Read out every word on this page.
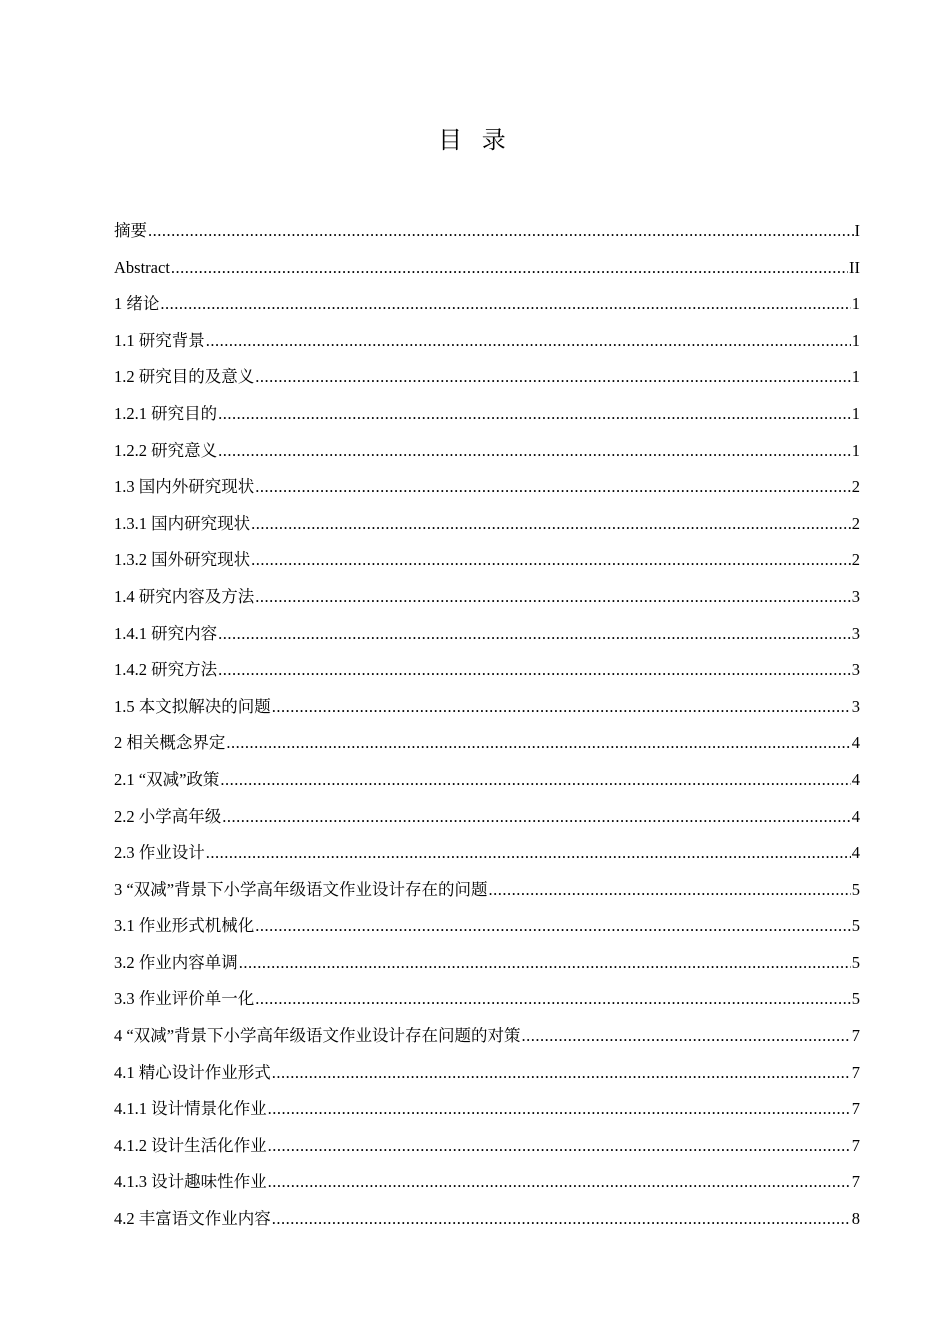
目 录
摘要 .....	I
Abstract .....	II
1 绪论 .....	1
1.1 研究背景 .....	1
1.2 研究目的及意义 .....	1
1.2.1 研究目的 .....	1
1.2.2 研究意义 .....	1
1.3 国内外研究现状 .....	2
1.3.1 国内研究现状 .....	2
1.3.2 国外研究现状 .....	2
1.4 研究内容及方法 .....	3
1.4.1 研究内容 .....	3
1.4.2 研究方法 .....	3
1.5 本文拟解决的问题 .....	3
2 相关概念界定 .....	4
2.1 “双减”政策 .....	4
2.2 小学高年级 .....	4
2.3 作业设计 .....	4
3 “双减”背景下小学高年级语文作业设计存在的问题 .....	5
3.1 作业形式机械化 .....	5
3.2 作业内容单调 .....	5
3.3 作业评价单一化 .....	5
4 “双减”背景下小学高年级语文作业设计存在问题的对策 .....	7
4.1 精心设计作业形式 .....	7
4.1.1 设计情景化作业 .....	7
4.1.2 设计生活化作业 .....	7
4.1.3 设计趣味性作业 .....	7
4.2 丰富语文作业内容 .....	8
